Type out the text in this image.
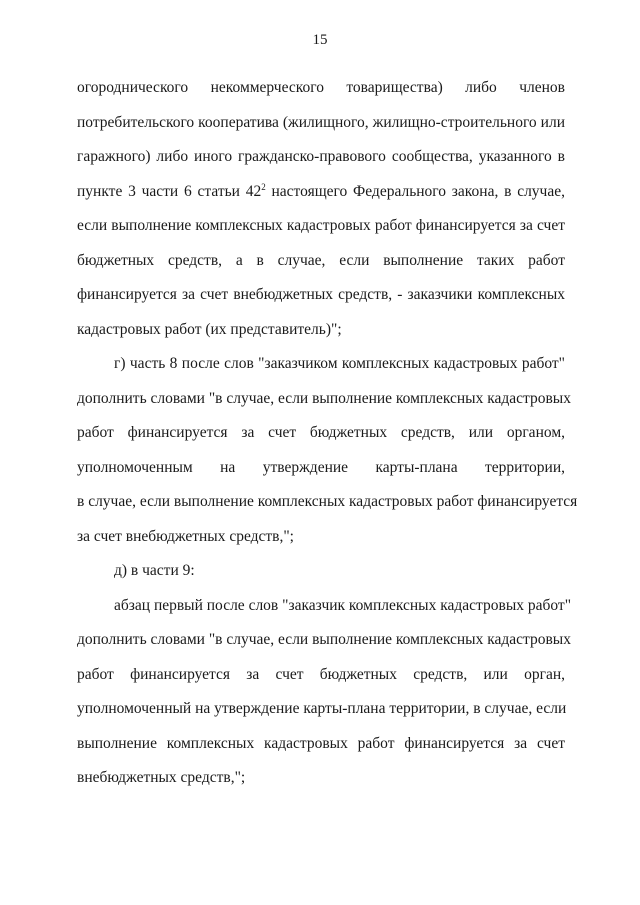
15
огороднического некоммерческого товарищества) либо членов
потребительского кооператива (жилищного, жилищно-строительного или
гаражного) либо иного гражданско-правового сообщества, указанного в
пункте 3 части 6 статьи $42^2$ настоящего Федерального закона, в случае,
если выполнение комплексных кадастровых работ финансируется за счет
бюджетных средств, а в случае, если выполнение таких работ
финансируется за счет внебюджетных средств, - заказчики комплексных
кадастровых работ (их представитель)";
г) часть 8 после слов "заказчиком комплексных кадастровых работ"
дополнить словами "в случае, если выполнение комплексных кадастровых
работ финансируется за счет бюджетных средств, или органом,
уполномоченным на утверждение карты-плана территории,
в случае, если выполнение комплексных кадастровых работ финансируется
за счет внебюджетных средств,";
д) в части 9:
абзац первый после слов "заказчик комплексных кадастровых работ"
дополнить словами "в случае, если выполнение комплексных кадастровых
работ финансируется за счет бюджетных средств, или орган,
уполномоченный на утверждение карты-плана территории, в случае, если
выполнение комплексных кадастровых работ финансируется за счет
внебюджетных средств,";
